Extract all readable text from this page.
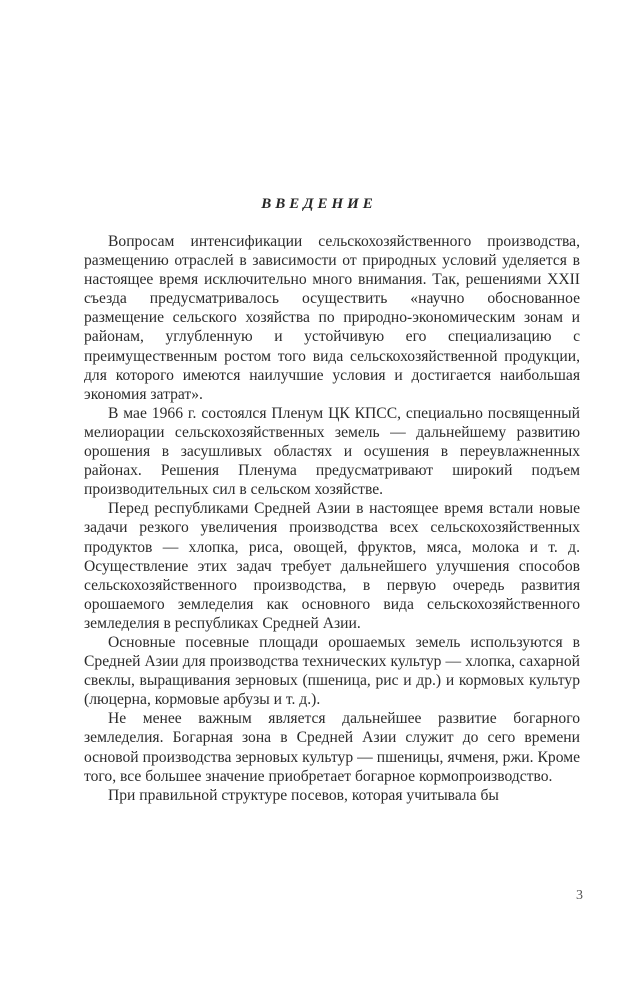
ВВЕДЕНИЕ

Вопросам интенсификации сельскохозяйственного производства, размещению отраслей в зависимости от природных условий уделяется в настоящее время исключительно много внимания. Так, решениями XXII съезда предусматривалось осуществить «научно обоснованное размещение сельского хозяйства по природно-экономическим зонам и районам, углубленную и устойчивую его специализацию с преимущественным ростом того вида сельскохозяйственной продукции, для которого имеются наилучшие условия и достигается наибольшая экономия затрат».

В мае 1966 г. состоялся Пленум ЦК КПСС, специально посвященный мелиорации сельскохозяйственных земель — дальнейшему развитию орошения в засушливых областях и осушения в переувлажненных районах. Решения Пленума предусматривают широкий подъем производительных сил в сельском хозяйстве.

Перед республиками Средней Азии в настоящее время встали новые задачи резкого увеличения производства всех сельскохозяйственных продуктов — хлопка, риса, овощей, фруктов, мяса, молока и т. д. Осуществление этих задач требует дальнейшего улучшения способов сельскохозяйственного производства, в первую очередь развития орошаемого земледелия как основного вида сельскохозяйственного земледелия в республиках Средней Азии.

Основные посевные площади орошаемых земель используются в Средней Азии для производства технических культур — хлопка, сахарной свеклы, выращивания зерновых (пшеница, рис и др.) и кормовых культур (люцерна, кормовые арбузы и т. д.).

Не менее важным является дальнейшее развитие богарного земледелия. Богарная зона в Средней Азии служит до сего времени основой производства зерновых культур — пшеницы, ячменя, ржи. Кроме того, все большее значение приобретает богарное кормопроизводство.

При правильной структуре посевов, которая учитывала бы

3
